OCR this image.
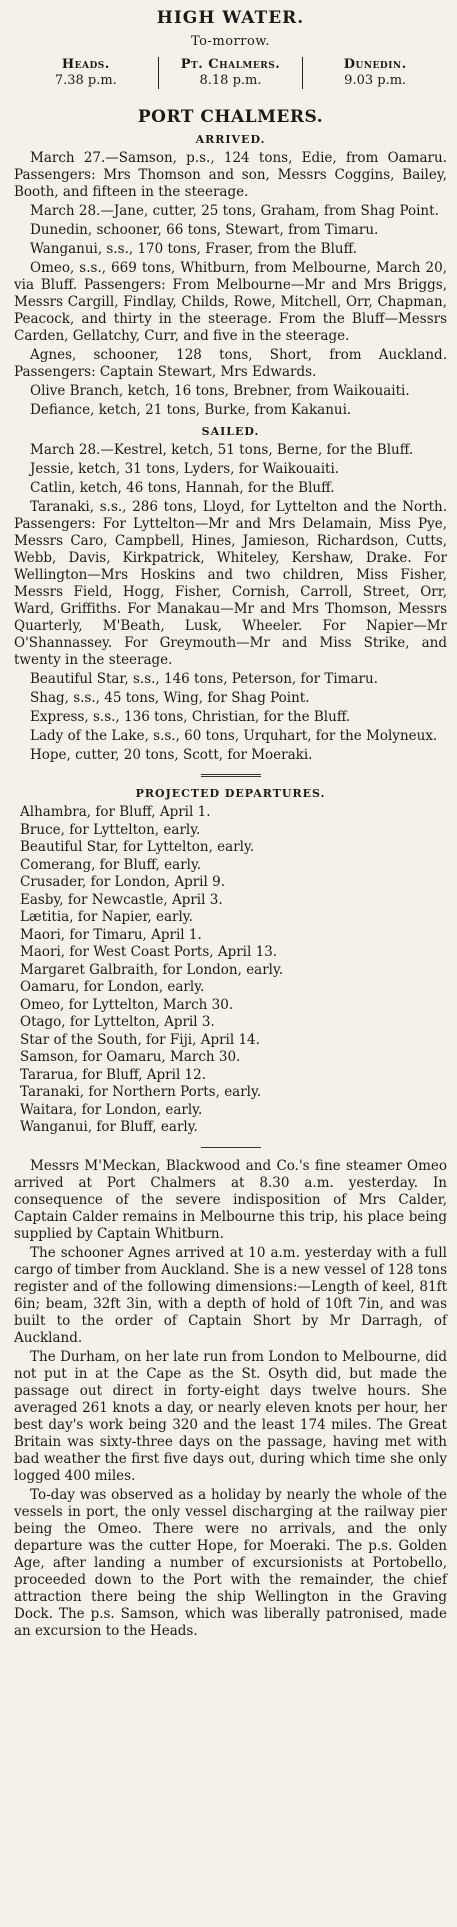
HIGH WATER.
To-morrow.
Heads.
7.38 p.m.
Pt. Chalmers.
8.18 p.m.
Dunedin.
9.03 p.m.
PORT CHALMERS.
ARRIVED.

March 27.—Samson, p.s., 124 tons, Edie, from Oamaru. Passengers: Mrs Thomson and son, Messrs Coggins, Bailey, Booth, and fifteen in the steerage.

March 28.—Jane, cutter, 25 tons, Graham, from Shag Point.

Dunedin, schooner, 66 tons, Stewart, from Timaru.

Wanganui, s.s., 170 tons, Fraser, from the Bluff.

Omeo, s.s., 669 tons, Whitburn, from Melbourne, March 20, via Bluff. Passengers: From Melbourne—Mr and Mrs Briggs, Messrs Cargill, Findlay, Childs, Rowe, Mitchell, Orr, Chapman, Peacock, and thirty in the steerage. From the Bluff—Messrs Carden, Gellatchy, Curr, and five in the steerage.

Agnes, schooner, 128 tons, Short, from Auckland. Passengers: Captain Stewart, Mrs Edwards.

Olive Branch, ketch, 16 tons, Brebner, from Waikouaiti.

Defiance, ketch, 21 tons, Burke, from Kakanui.

SAILED.

March 28.—Kestrel, ketch, 51 tons, Berne, for the Bluff.

Jessie, ketch, 31 tons, Lyders, for Waikouaiti.

Catlin, ketch, 46 tons, Hannah, for the Bluff.

Taranaki, s.s., 286 tons, Lloyd, for Lyttelton and the North. Passengers: For Lyttelton—Mr and Mrs Delamain, Miss Pye, Messrs Caro, Campbell, Hines, Jamieson, Richardson, Cutts, Webb, Davis, Kirkpatrick, Whiteley, Kershaw, Drake. For Wellington—Mrs Hoskins and two children, Miss Fisher, Messrs Field, Hogg, Fisher, Cornish, Carroll, Street, Orr, Ward, Griffiths. For Manakau—Mr and Mrs Thomson, Messrs Quarterly, M'Beath, Lusk, Wheeler. For Napier—Mr O'Shannassey. For Greymouth—Mr and Miss Strike, and twenty in the steerage.

Beautiful Star, s.s., 146 tons, Peterson, for Timaru.

Shag, s.s., 45 tons, Wing, for Shag Point.

Express, s.s., 136 tons, Christian, for the Bluff.

Lady of the Lake, s.s., 60 tons, Urquhart, for the Molyneux.

Hope, cutter, 20 tons, Scott, for Moeraki.

PROJECTED DEPARTURES.
Alhambra, for Bluff, April 1.
Bruce, for Lyttelton, early.
Beautiful Star, for Lyttelton, early.
Comerang, for Bluff, early.
Crusader, for London, April 9.
Easby, for Newcastle, April 3.
Lætitia, for Napier, early.
Maori, for Timaru, April 1.
Maori, for West Coast Ports, April 13.
Margaret Galbraith, for London, early.
Oamaru, for London, early.
Omeo, for Lyttelton, March 30.
Otago, for Lyttelton, April 3.
Star of the South, for Fiji, April 14.
Samson, for Oamaru, March 30.
Tararua, for Bluff, April 12.
Taranaki, for Northern Ports, early.
Waitara, for London, early.
Wanganui, for Bluff, early.

Messrs M'Meckan, Blackwood and Co.'s fine steamer Omeo arrived at Port Chalmers at 8.30 a.m. yesterday. In consequence of the severe indisposition of Mrs Calder, Captain Calder remains in Melbourne this trip, his place being supplied by Captain Whitburn.

The schooner Agnes arrived at 10 a.m. yesterday with a full cargo of timber from Auckland. She is a new vessel of 128 tons register and of the following dimensions:—Length of keel, 81ft 6in; beam, 32ft 3in, with a depth of hold of 10ft 7in, and was built to the order of Captain Short by Mr Darragh, of Auckland.

The Durham, on her late run from London to Melbourne, did not put in at the Cape as the St. Osyth did, but made the passage out direct in forty-eight days twelve hours. She averaged 261 knots a day, or nearly eleven knots per hour, her best day's work being 320 and the least 174 miles. The Great Britain was sixty-three days on the passage, having met with bad weather the first five days out, during which time she only logged 400 miles.

To-day was observed as a holiday by nearly the whole of the vessels in port, the only vessel discharging at the railway pier being the Omeo. There were no arrivals, and the only departure was the cutter Hope, for Moeraki. The p.s. Golden Age, after landing a number of excursionists at Portobello, proceeded down to the Port with the remainder, the chief attraction there being the ship Wellington in the Graving Dock. The p.s. Samson, which was liberally patronised, made an excursion to the Heads.
